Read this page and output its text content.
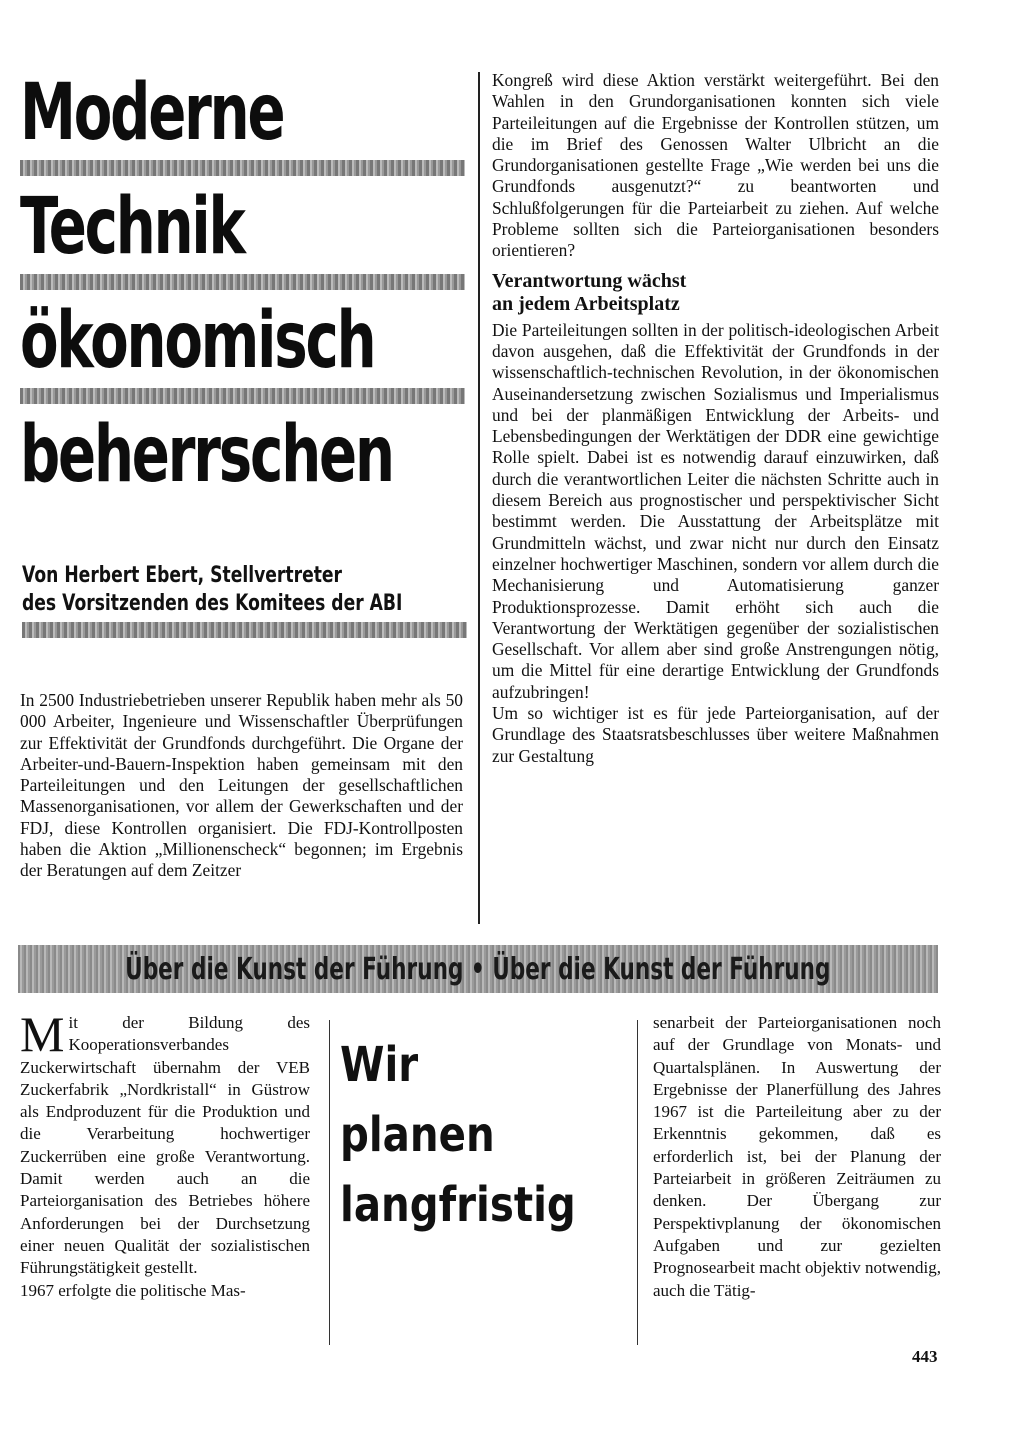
Moderne
Technik
ökonomisch
beherrschen
Von Herbert Ebert, Stellvertreter
des Vorsitzenden des Komitees der ABI

In 2500 Industriebetrieben unserer Republik haben mehr als 50 000 Arbeiter, Ingenieure und Wissenschaftler Überprüfungen zur Effektivität der Grundfonds durchgeführt. Die Organe der Arbeiter-und-Bauern-Inspektion haben gemeinsam mit den Parteileitungen und den Leitungen der gesellschaftlichen Massenorganisationen, vor allem der Gewerkschaften und der FDJ, diese Kontrollen organisiert. Die FDJ-Kontrollposten haben die Aktion „Millionenscheck“ begonnen; im Ergebnis der Beratungen auf dem Zeitzer

Kongreß wird diese Aktion verstärkt weitergeführt. Bei den Wahlen in den Grundorganisationen konnten sich viele Parteileitungen auf die Ergebnisse der Kontrollen stützen, um die im Brief des Genossen Walter Ulbricht an die Grundorganisationen gestellte Frage „Wie werden bei uns die Grundfonds ausgenutzt?“ zu beantworten und Schlußfolgerungen für die Parteiarbeit zu ziehen. Auf welche Probleme sollten sich die Parteiorganisationen besonders orientieren?

Verantwortung wächst
an jedem Arbeitsplatz

Die Parteileitungen sollten in der politisch-ideologischen Arbeit davon ausgehen, daß die Effektivität der Grundfonds in der wissenschaftlich-technischen Revolution, in der ökonomischen Auseinandersetzung zwischen Sozialismus und Imperialismus und bei der planmäßigen Entwicklung der Arbeits- und Lebensbedingungen der Werktätigen der DDR eine gewichtige Rolle spielt. Dabei ist es notwendig darauf einzuwirken, daß durch die verantwortlichen Leiter die nächsten Schritte auch in diesem Bereich aus prognostischer und perspektivischer Sicht bestimmt werden. Die Ausstattung der Arbeitsplätze mit Grundmitteln wächst, und zwar nicht nur durch den Einsatz einzelner hochwertiger Maschinen, sondern vor allem durch die Mechanisierung und Automatisierung ganzer Produktionsprozesse. Damit erhöht sich auch die Verantwortung der Werktätigen gegenüber der sozialistischen Gesellschaft. Vor allem aber sind große Anstrengungen nötig, um die Mittel für eine derartige Entwicklung der Grundfonds aufzubringen!

Um so wichtiger ist es für jede Parteiorganisation, auf der Grundlage des Staatsratsbeschlusses über weitere Maßnahmen zur Gestaltung

Über die Kunst der Führung • Über die Kunst der Führung

Mit der Bildung des Kooperationsverbandes Zuckerwirtschaft übernahm der VEB Zuckerfabrik „Nordkristall“ in Güstrow als Endproduzent für die Produktion und die Verarbeitung hochwertiger Zuckerrüben eine große Verantwortung. Damit werden auch an die Parteiorganisation des Betriebes höhere Anforderungen bei der Durchsetzung einer neuen Qualität der sozialistischen Führungstätigkeit gestellt.

1967 erfolgte die politische Mas-

Wir planen
langfristig

senarbeit der Parteiorganisationen noch auf der Grundlage von Monats- und Quartalsplänen. In Auswertung der Ergebnisse der Planerfüllung des Jahres 1967 ist die Parteileitung aber zu der Erkenntnis gekommen, daß es erforderlich ist, bei der Planung der Parteiarbeit in größeren Zeiträumen zu denken. Der Übergang zur Perspektivplanung der ökonomischen Aufgaben und zur gezielten Prognosearbeit macht objektiv notwendig, auch die Tätig-

443
